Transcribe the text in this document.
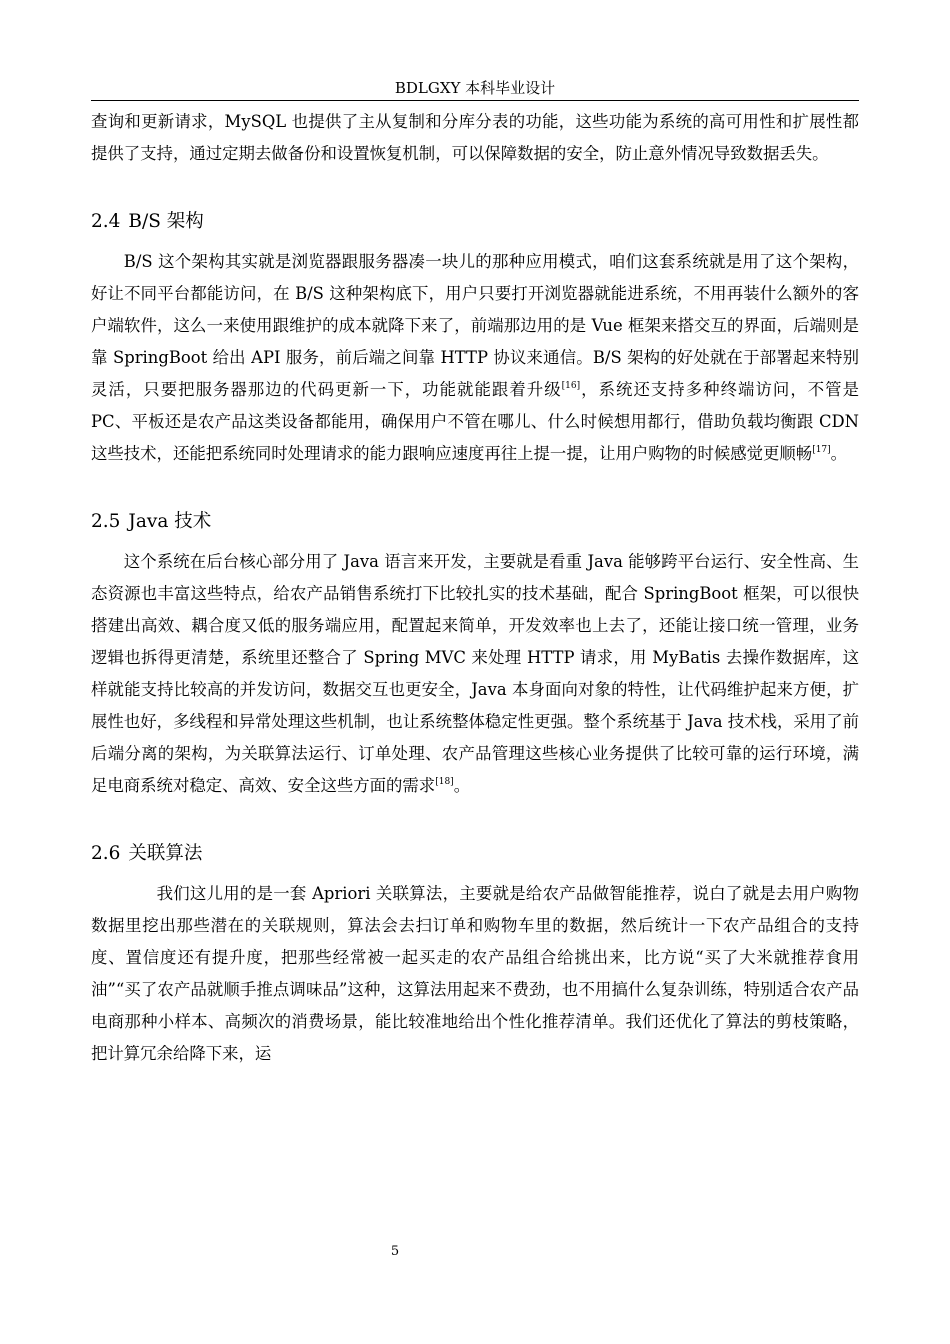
BDLGXY 本科毕业设计

查询和更新请求，MySQL 也提供了主从复制和分库分表的功能，这些功能为系统的高可用性和扩展性都提供了支持，通过定期去做备份和设置恢复机制，可以保障数据的安全，防止意外情况导致数据丢失。

2.4 B/S 架构

B/S 这个架构其实就是浏览器跟服务器凑一块儿的那种应用模式，咱们这套系统就是用了这个架构，好让不同平台都能访问，在 B/S 这种架构底下，用户只要打开浏览器就能进系统，不用再装什么额外的客户端软件，这么一来使用跟维护的成本就降下来了，前端那边用的是 Vue 框架来搭交互的界面，后端则是靠 SpringBoot 给出 API 服务，前后端之间靠 HTTP 协议来通信。B/S 架构的好处就在于部署起来特别灵活，只要把服务器那边的代码更新一下，功能就能跟着升级[16]，系统还支持多种终端访问，不管是 PC、平板还是农产品这类设备都能用，确保用户不管在哪儿、什么时候想用都行，借助负载均衡跟 CDN 这些技术，还能把系统同时处理请求的能力跟响应速度再往上提一提，让用户购物的时候感觉更顺畅[17]。

2.5 Java 技术

这个系统在后台核心部分用了 Java 语言来开发，主要就是看重 Java 能够跨平台运行、安全性高、生态资源也丰富这些特点，给农产品销售系统打下比较扎实的技术基础，配合 SpringBoot 框架，可以很快搭建出高效、耦合度又低的服务端应用，配置起来简单，开发效率也上去了，还能让接口统一管理，业务逻辑也拆得更清楚，系统里还整合了 Spring MVC 来处理 HTTP 请求，用 MyBatis 去操作数据库，这样就能支持比较高的并发访问，数据交互也更安全，Java 本身面向对象的特性，让代码维护起来方便，扩展性也好，多线程和异常处理这些机制，也让系统整体稳定性更强。整个系统基于 Java 技术栈，采用了前后端分离的架构，为关联算法运行、订单处理、农产品管理这些核心业务提供了比较可靠的运行环境，满足电商系统对稳定、高效、安全这些方面的需求[18]。

2.6 关联算法

我们这儿用的是一套 Apriori 关联算法，主要就是给农产品做智能推荐，说白了就是去用户购物数据里挖出那些潜在的关联规则，算法会去扫订单和购物车里的数据，然后统计一下农产品组合的支持度、置信度还有提升度，把那些经常被一起买走的农产品组合给挑出来，比方说“买了大米就推荐食用油”“买了农产品就顺手推点调味品”这种，这算法用起来不费劲，也不用搞什么复杂训练，特别适合农产品电商那种小样本、高频次的消费场景，能比较准地给出个性化推荐清单。我们还优化了算法的剪枝策略，把计算冗余给降下来，运

5
